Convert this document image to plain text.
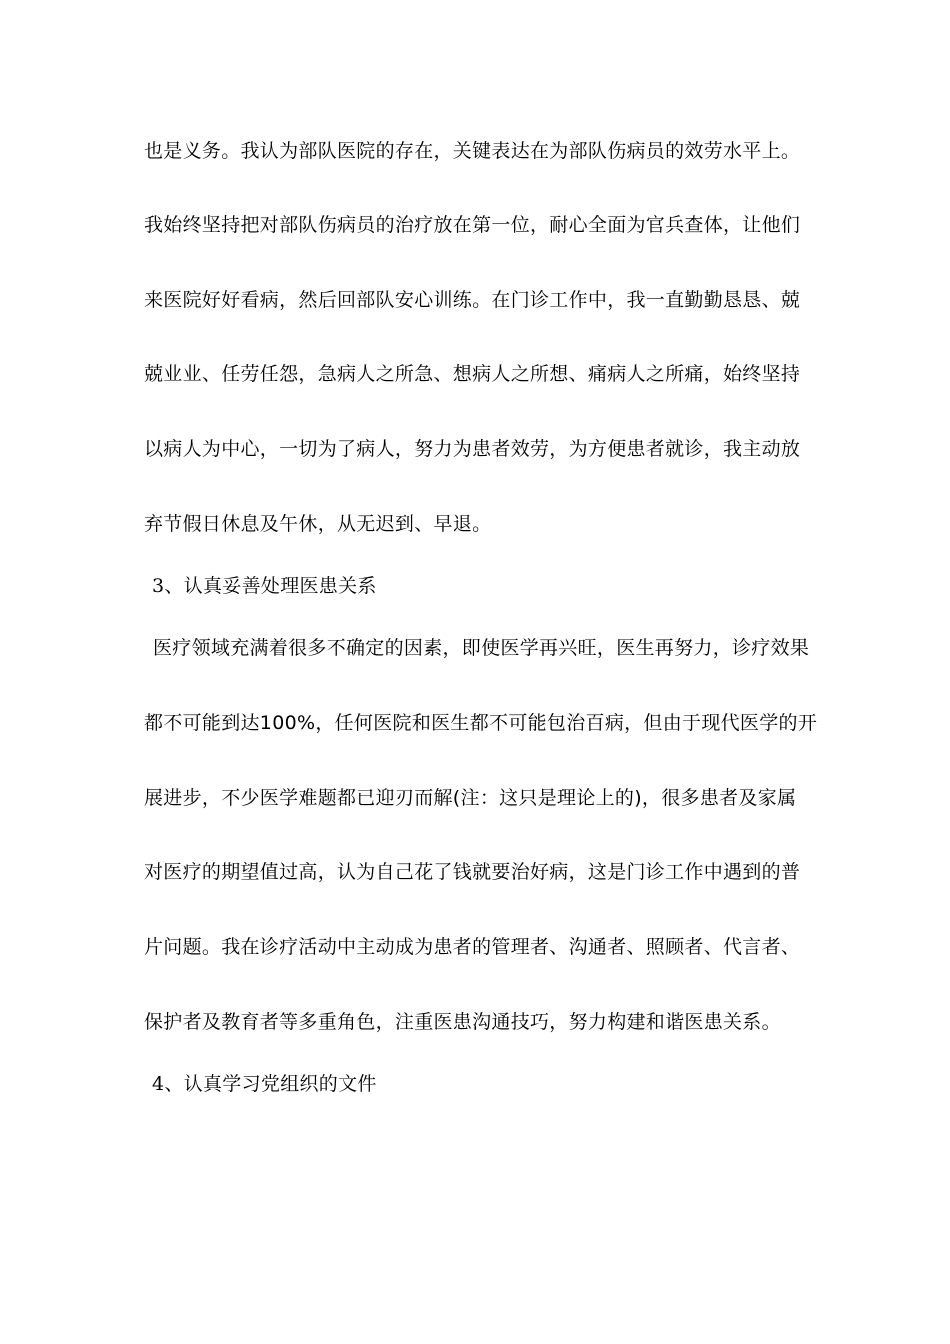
也是义务。我认为部队医院的存在，关键表达在为部队伤病员的效劳水平上。
我始终坚持把对部队伤病员的治疗放在第一位，耐心全面为官兵查体，让他们
来医院好好看病，然后回部队安心训练。在门诊工作中，我一直勤勤恳恳、兢
兢业业、任劳任怨，急病人之所急、想病人之所想、痛病人之所痛，始终坚持
以病人为中心，一切为了病人，努力为患者效劳，为方便患者就诊，我主动放
弃节假日休息及午休，从无迟到、早退。
3、认真妥善处理医患关系
医疗领域充满着很多不确定的因素，即使医学再兴旺，医生再努力，诊疗效果
都不可能到达100%，任何医院和医生都不可能包治百病，但由于现代医学的开
展进步，不少医学难题都已迎刃而解(注：这只是理论上的)，很多患者及家属
对医疗的期望值过高，认为自己花了钱就要治好病，这是门诊工作中遇到的普
片问题。我在诊疗活动中主动成为患者的管理者、沟通者、照顾者、代言者、
保护者及教育者等多重角色，注重医患沟通技巧，努力构建和谐医患关系。
4、认真学习党组织的文件
